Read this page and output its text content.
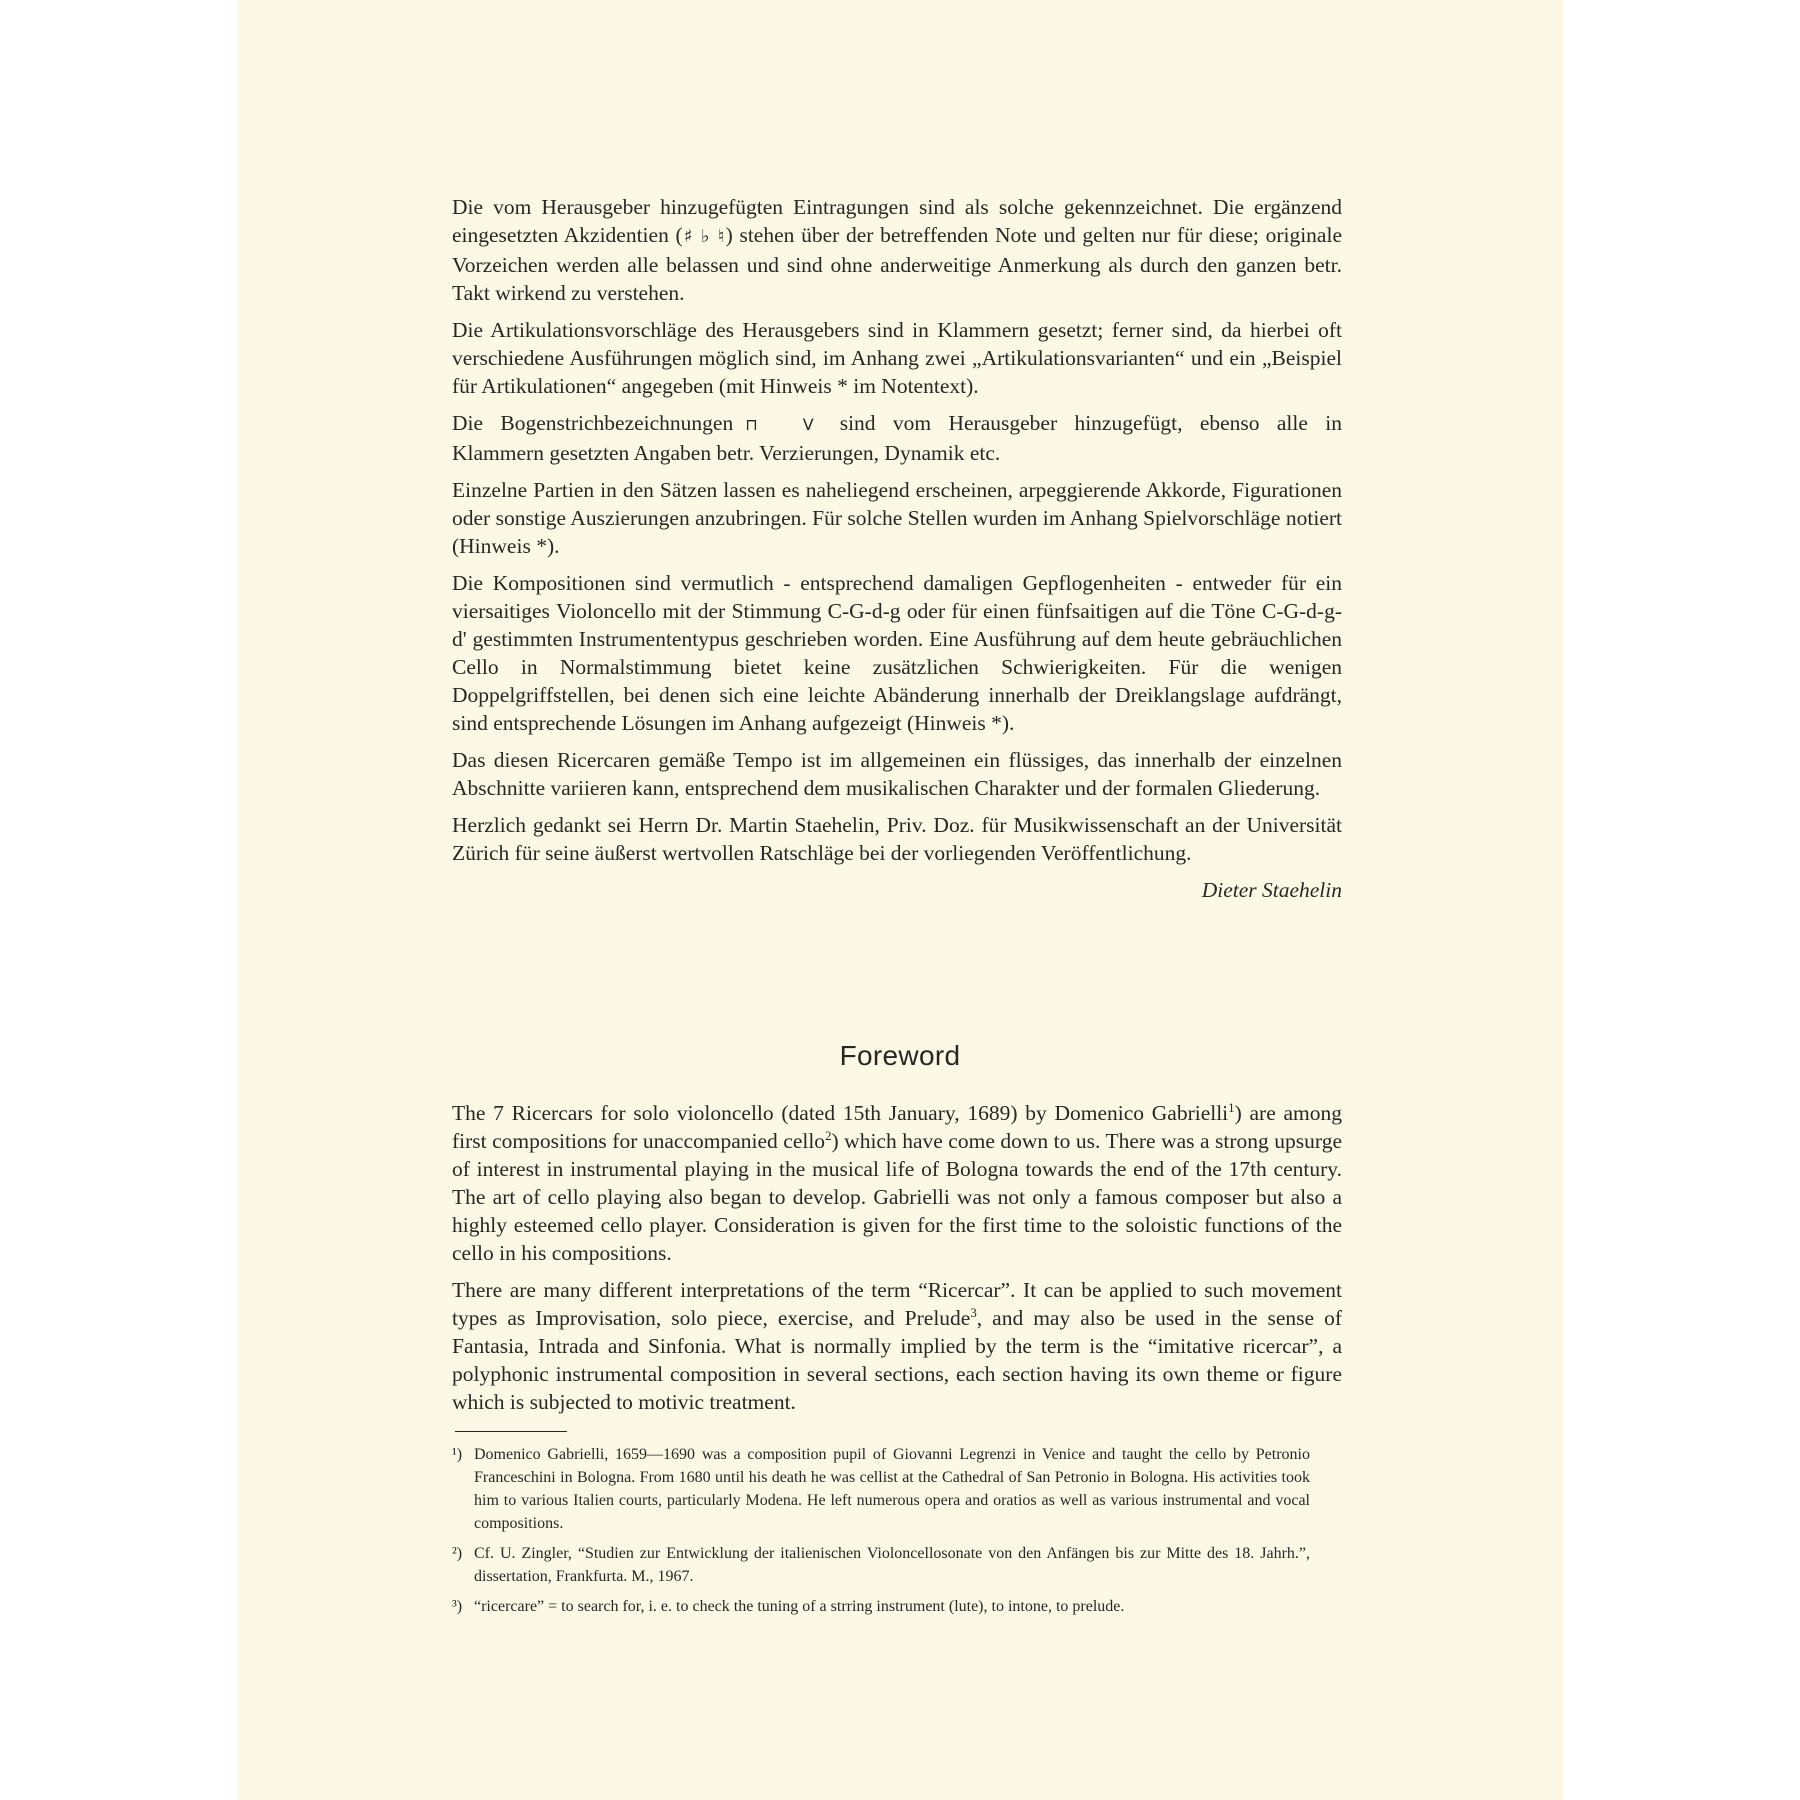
Die vom Herausgeber hinzugefügten Eintragungen sind als solche gekennzeichnet. Die ergänzend eingesetzten Akzidentien (♯ ♭ ♮) stehen über der betreffenden Note und gelten nur für diese; originale Vorzeichen werden alle belassen und sind ohne anderweitige Anmerkung als durch den ganzen betr. Takt wirkend zu verstehen.

Die Artikulationsvorschläge des Herausgebers sind in Klammern gesetzt; ferner sind, da hierbei oft verschiedene Ausführungen möglich sind, im Anhang zwei „Artikulationsvarianten“ und ein „Beispiel für Artikulationen“ angegeben (mit Hinweis * im Notentext).

Die Bogenstrichbezeichnungen ⊓ V sind vom Herausgeber hinzugefügt, ebenso alle in Klammern gesetzten Angaben betr. Verzierungen, Dynamik etc.

Einzelne Partien in den Sätzen lassen es naheliegend erscheinen, arpeggierende Akkorde, Figurationen oder sonstige Auszierungen anzubringen. Für solche Stellen wurden im Anhang Spielvorschläge notiert (Hinweis *).

Die Kompositionen sind vermutlich - entsprechend damaligen Gepflogenheiten - entweder für ein viersaitiges Violoncello mit der Stimmung C-G-d-g oder für einen fünfsaitigen auf die Töne C-G-d-g-d' gestimmten Instrumententypus geschrieben worden. Eine Ausführung auf dem heute gebräuchlichen Cello in Normalstimmung bietet keine zusätzlichen Schwierigkeiten. Für die wenigen Doppelgriffstellen, bei denen sich eine leichte Abänderung innerhalb der Dreiklangslage aufdrängt, sind entsprechende Lösungen im Anhang aufgezeigt (Hinweis *).

Das diesen Ricercaren gemäße Tempo ist im allgemeinen ein flüssiges, das innerhalb der einzelnen Abschnitte variieren kann, entsprechend dem musikalischen Charakter und der formalen Gliederung.

Herzlich gedankt sei Herrn Dr. Martin Staehelin, Priv. Doz. für Musikwissenschaft an der Universität Zürich für seine äußerst wertvollen Ratschläge bei der vorliegenden Veröffentlichung.

Dieter Staehelin

Foreword

The 7 Ricercars for solo violoncello (dated 15th January, 1689) by Domenico Gabrielli$^1$) are among first compositions for unaccompanied cello$^2$) which have come down to us. There was a strong upsurge of interest in instrumental playing in the musical life of Bologna towards the end of the 17th century. The art of cello playing also began to develop. Gabrielli was not only a famous composer but also a highly esteemed cello player. Consideration is given for the first time to the soloistic functions of the cello in his compositions.

There are many different interpretations of the term “Ricercar”. It can be applied to such movement types as Improvisation, solo piece, exercise, and Prelude$^3$, and may also be used in the sense of Fantasia, Intrada and Sinfonia. What is normally implied by the term is the “imitative ricercar”, a polyphonic instrumental composition in several sections, each section having its own theme or figure which is subjected to motivic treatment.

¹) Domenico Gabrielli, 1659—1690 was a composition pupil of Giovanni Legrenzi in Venice and taught the cello by Petronio Franceschini in Bologna. From 1680 until his death he was cellist at the Cathedral of San Petronio in Bologna. His activities took him to various Italien courts, particularly Modena. He left numerous opera and oratios as well as various instrumental and vocal compositions.
²) Cf. U. Zingler, “Studien zur Entwicklung der italienischen Violoncellosonate von den Anfängen bis zur Mitte des 18. Jahrh.”, dissertation, Frankfurta. M., 1967.
³) “ricercare” = to search for, i. e. to check the tuning of a strring instrument (lute), to intone, to prelude.
